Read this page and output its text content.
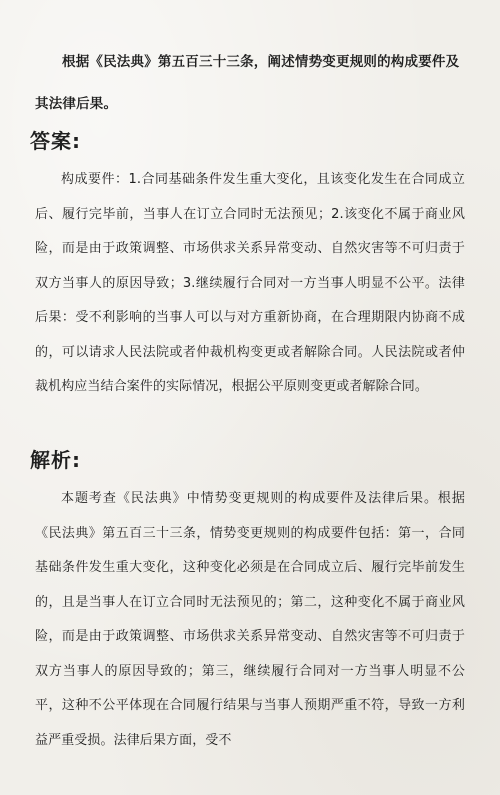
根据《民法典》第五百三十三条，阐述情势变更规则的构成要件及其法律后果。

答案:

构成要件：1.合同基础条件发生重大变化，且该变化发生在合同成立后、履行完毕前，当事人在订立合同时无法预见；2.该变化不属于商业风险，而是由于政策调整、市场供求关系异常变动、自然灾害等不可归责于双方当事人的原因导致；3.继续履行合同对一方当事人明显不公平。法律后果：受不利影响的当事人可以与对方重新协商，在合理期限内协商不成的，可以请求人民法院或者仲裁机构变更或者解除合同。人民法院或者仲裁机构应当结合案件的实际情况，根据公平原则变更或者解除合同。

解析:

本题考查《民法典》中情势变更规则的构成要件及法律后果。根据《民法典》第五百三十三条，情势变更规则的构成要件包括：第一，合同基础条件发生重大变化，这种变化必须是在合同成立后、履行完毕前发生的，且是当事人在订立合同时无法预见的；第二，这种变化不属于商业风险，而是由于政策调整、市场供求关系异常变动、自然灾害等不可归责于双方当事人的原因导致的；第三，继续履行合同对一方当事人明显不公平，这种不公平体现在合同履行结果与当事人预期严重不符，导致一方利益严重受损。法律后果方面，受不
